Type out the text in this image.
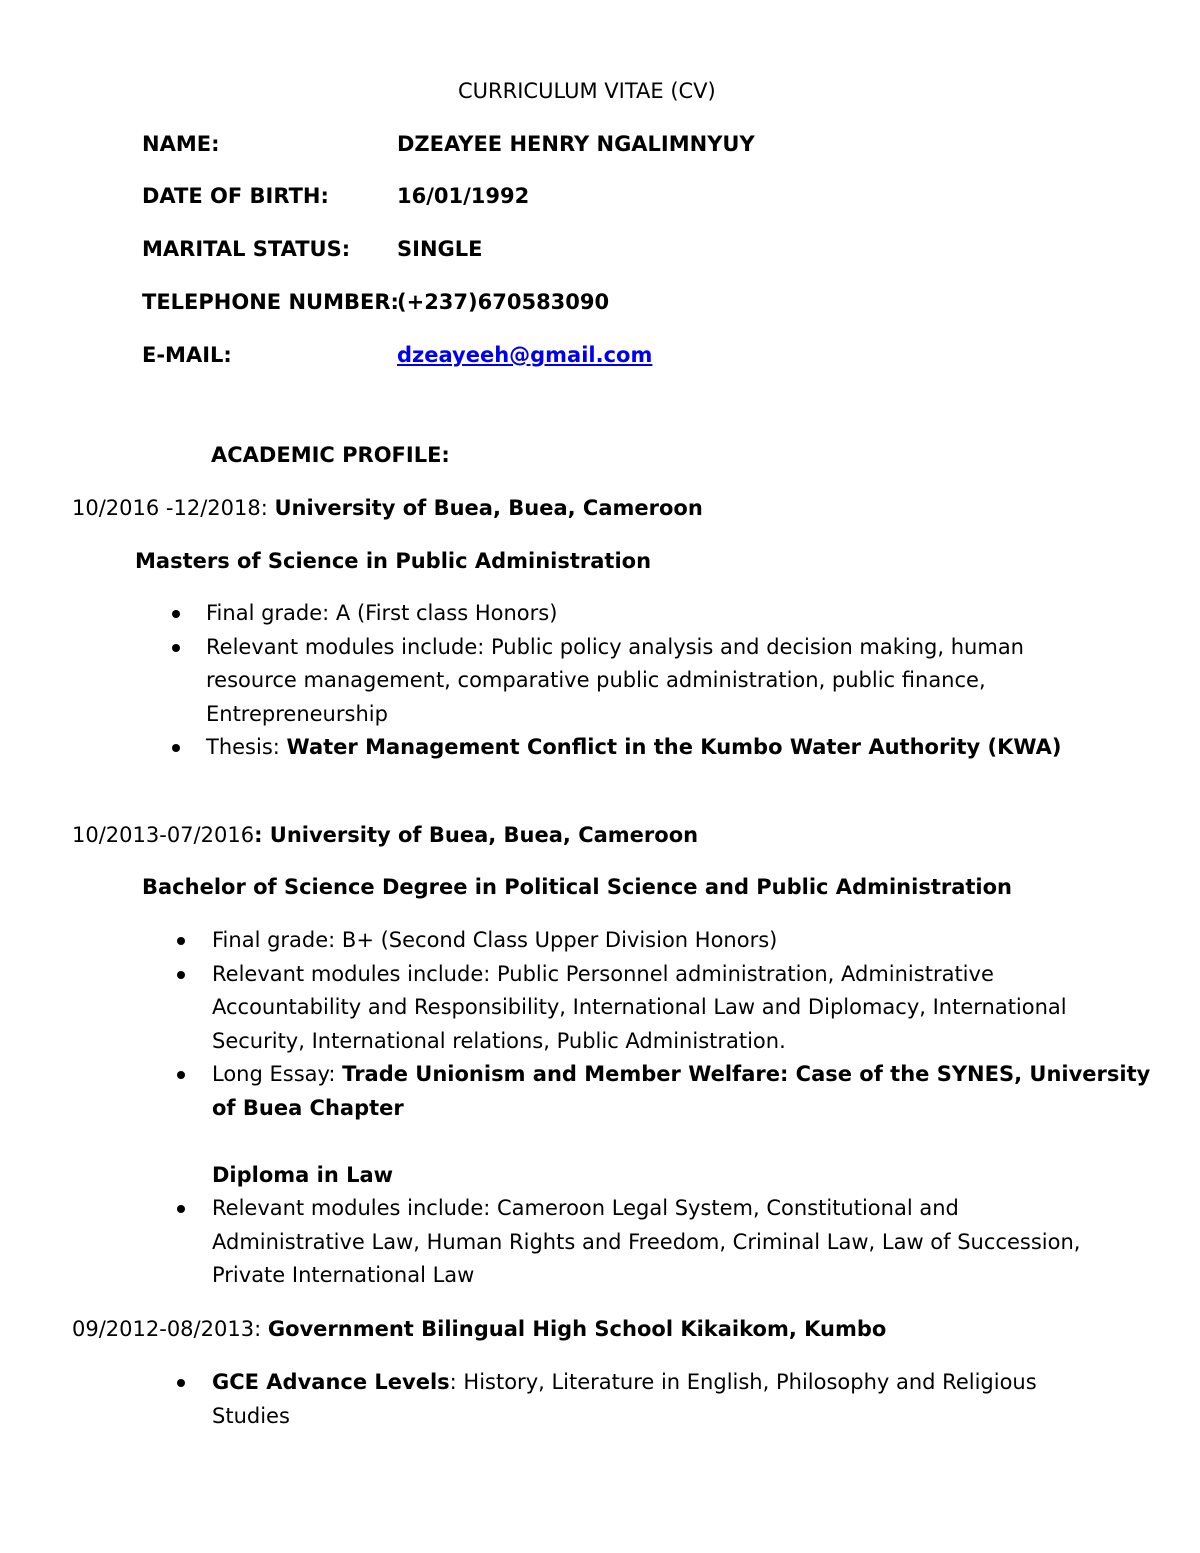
CURRICULUM VITAE (CV)
NAME:	DZEAYEE HENRY NGALIMNYUY
DATE OF BIRTH:	16/01/1992
MARITAL STATUS: SINGLE
TELEPHONE NUMBER:
(+237)670583090
E-MAIL:	dzeayeeh@gmail.com
ACADEMIC PROFILE:
10/2016 -12/2018: University of Buea, Buea, Cameroon
Masters of Science in Public Administration
Final grade: A (First class Honors)
Relevant modules include: Public policy analysis and decision making, human
resource management, comparative public administration, public finance,
Entrepreneurship
Thesis: Water Management Conflict in the Kumbo Water Authority (KWA)
10/2013-07/2016: University of Buea, Buea, Cameroon
Bachelor of Science Degree in Political Science and Public Administration
Final grade: B+ (Second Class Upper Division Honors)
Relevant modules include: Public Personnel administration, Administrative
Accountability and Responsibility, International Law and Diplomacy, International
Security, International relations, Public Administration.
Long Essay: Trade Unionism and Member Welfare: Case of the SYNES, University
of Buea Chapter
Diploma in Law
Relevant modules include: Cameroon Legal System, Constitutional and
Administrative Law, Human Rights and Freedom, Criminal Law, Law of Succession,
Private International Law
09/2012-08/2013: Government Bilingual High School Kikaikom, Kumbo
GCE Advance Levels: History, Literature in English, Philosophy and Religious
Studies
